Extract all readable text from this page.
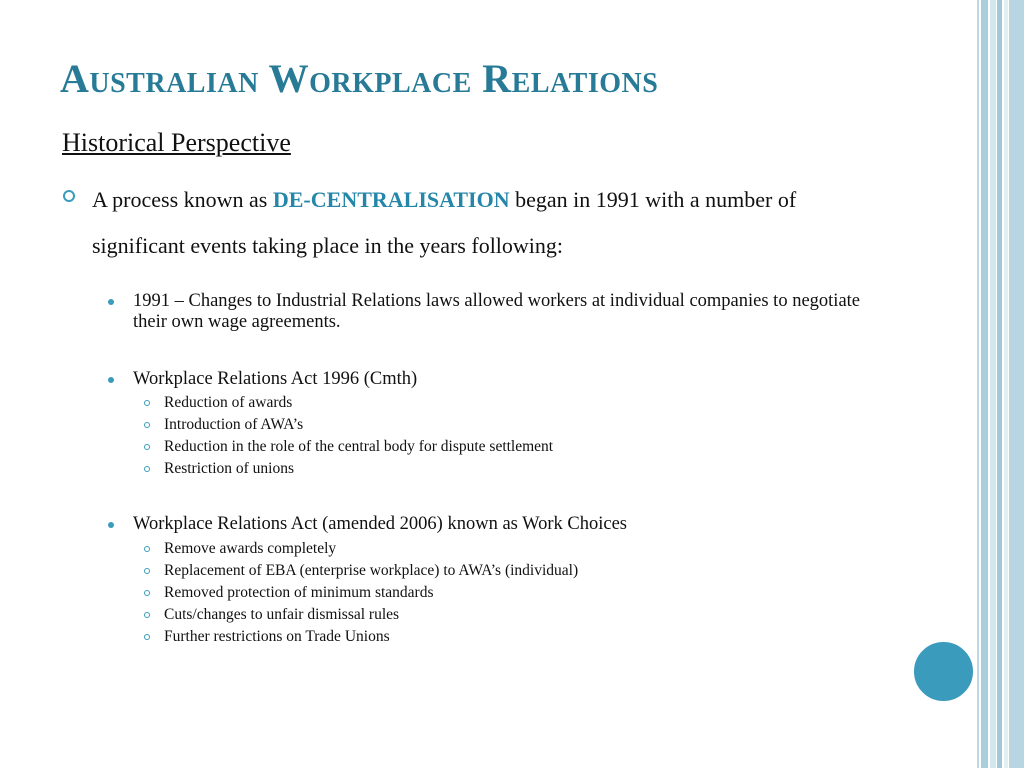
Australian Workplace Relations
Historical Perspective
A process known as DE-CENTRALISATION began in 1991 with a number of significant events taking place in the years following:
1991 – Changes to Industrial Relations laws allowed workers at individual companies to negotiate their own wage agreements.
Workplace Relations Act 1996 (Cmth)
Reduction of awards
Introduction of AWA’s
Reduction in the role of the central body for dispute settlement
Restriction of unions
Workplace Relations Act (amended 2006) known as Work Choices
Remove awards completely
Replacement of EBA (enterprise workplace) to AWA’s (individual)
Removed protection of minimum standards
Cuts/changes to unfair dismissal rules
Further restrictions on Trade Unions
